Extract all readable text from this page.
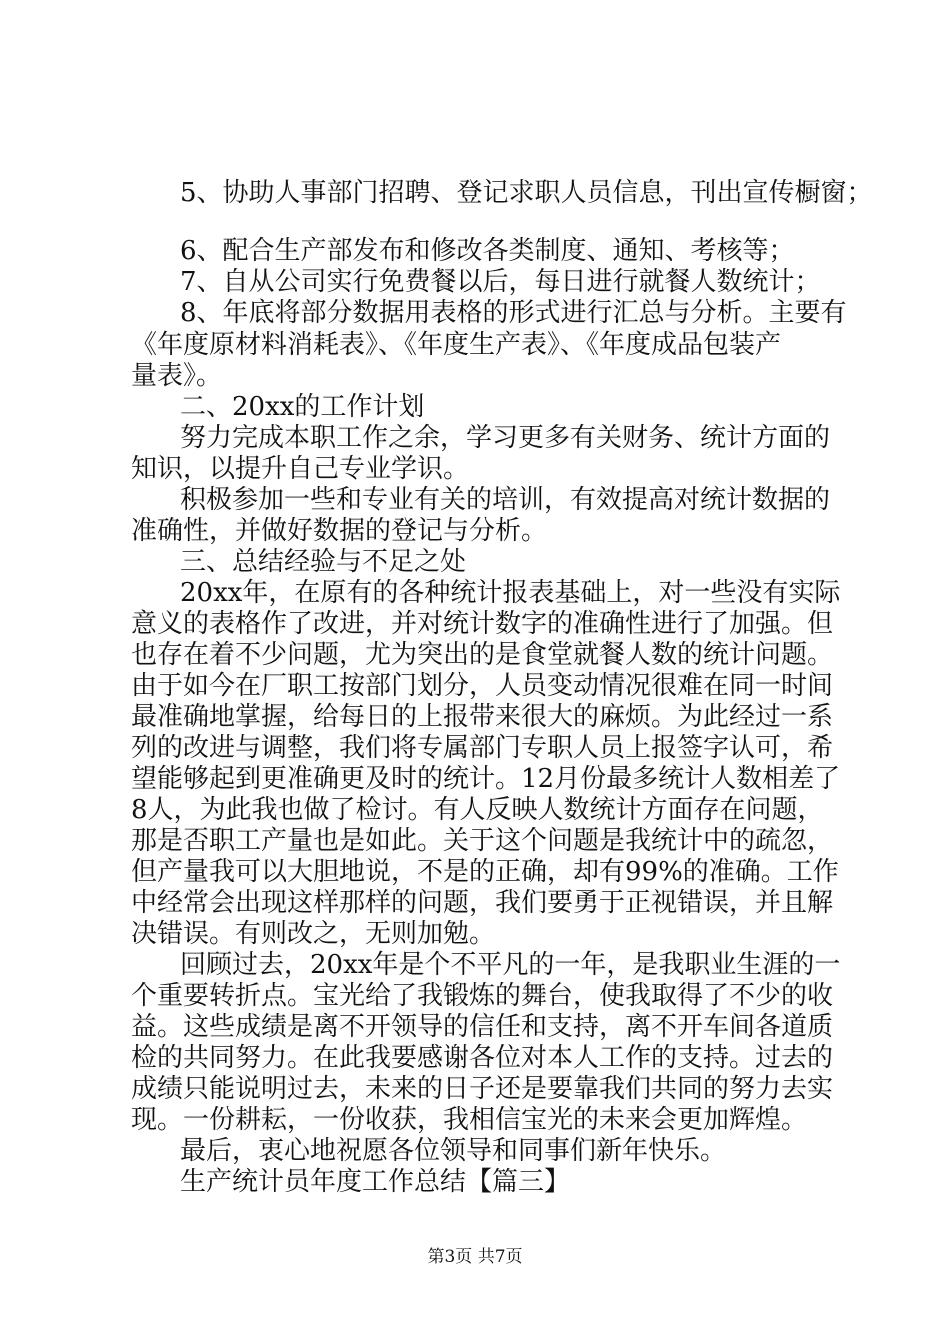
5、协助人事部门招聘、登记求职人员信息，刊出宣传橱窗；
6、配合生产部发布和修改各类制度、通知、考核等；
7、自从公司实行免费餐以后，每日进行就餐人数统计；
8、年底将部分数据用表格的形式进行汇总与分析。主要有
《年度原材料消耗表》、《年度生产表》、《年度成品包装产
量表》。
二、20xx的工作计划
努力完成本职工作之余，学习更多有关财务、统计方面的
知识，以提升自己专业学识。
积极参加一些和专业有关的培训，有效提高对统计数据的
准确性，并做好数据的登记与分析。
三、总结经验与不足之处
20xx年，在原有的各种统计报表基础上，对一些没有实际
意义的表格作了改进，并对统计数字的准确性进行了加强。但
也存在着不少问题，尤为突出的是食堂就餐人数的统计问题。
由于如今在厂职工按部门划分，人员变动情况很难在同一时间
最准确地掌握，给每日的上报带来很大的麻烦。为此经过一系
列的改进与调整，我们将专属部门专职人员上报签字认可，希
望能够起到更准确更及时的统计。12月份最多统计人数相差了
8人，为此我也做了检讨。有人反映人数统计方面存在问题，
那是否职工产量也是如此。关于这个问题是我统计中的疏忽，
但产量我可以大胆地说，不是的正确，却有99%的准确。工作
中经常会出现这样那样的问题，我们要勇于正视错误，并且解
决错误。有则改之，无则加勉。
回顾过去，20xx年是个不平凡的一年，是我职业生涯的一
个重要转折点。宝光给了我锻炼的舞台，使我取得了不少的收
益。这些成绩是离不开领导的信任和支持，离不开车间各道质
检的共同努力。在此我要感谢各位对本人工作的支持。过去的
成绩只能说明过去，未来的日子还是要靠我们共同的努力去实
现。一份耕耘，一份收获，我相信宝光的未来会更加辉煌。
最后，衷心地祝愿各位领导和同事们新年快乐。
生产统计员年度工作总结【篇三】
第3页 共7页
